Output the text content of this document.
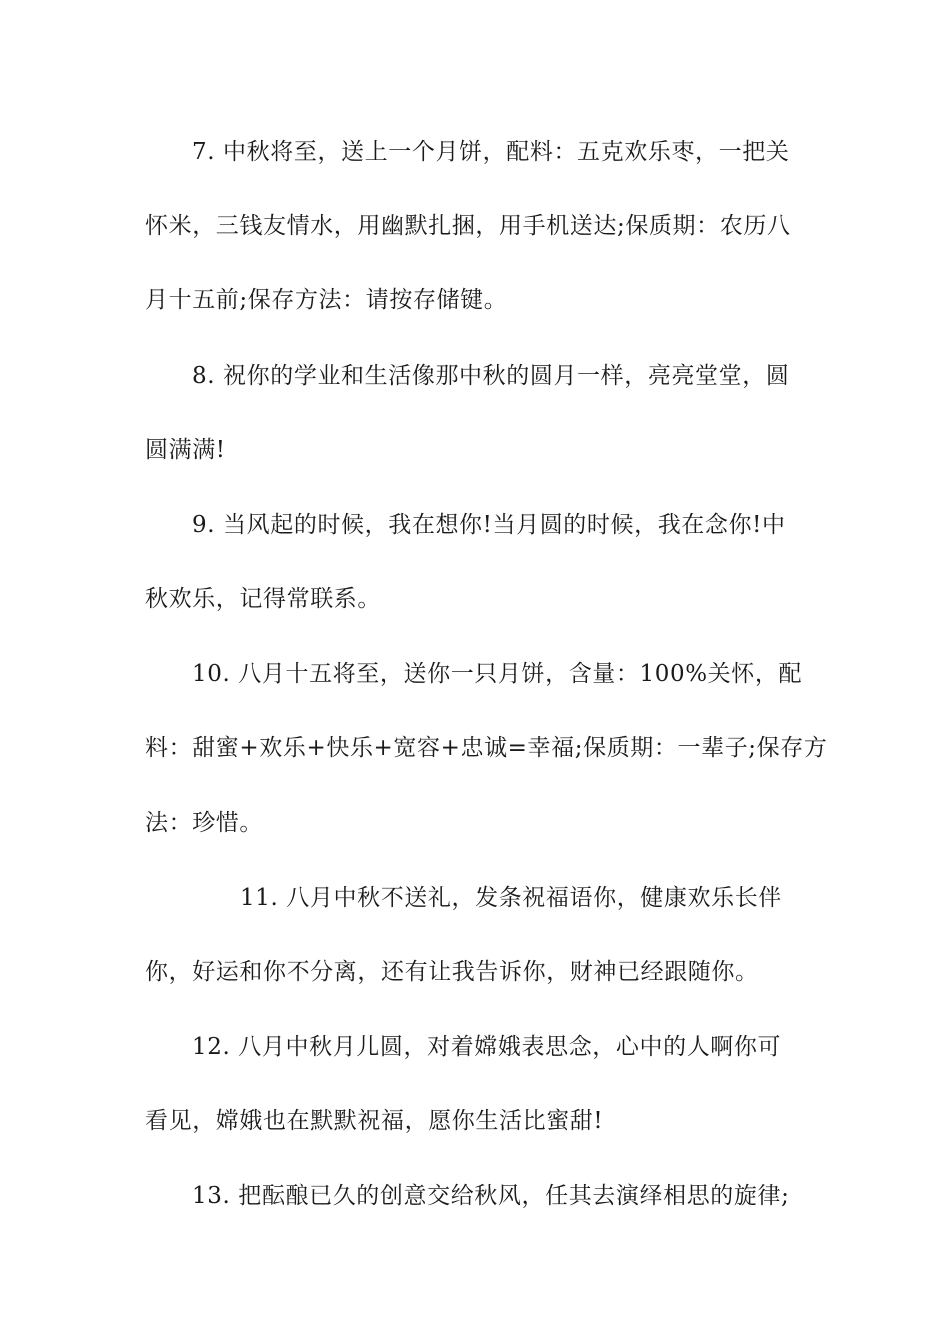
7. 中秋将至，送上一个月饼，配料：五克欢乐枣，一把关
怀米，三钱友情水，用幽默扎捆，用手机送达;保质期：农历八
月十五前;保存方法：请按存储键。
8. 祝你的学业和生活像那中秋的圆月一样，亮亮堂堂，圆
圆满满!
9. 当风起的时候，我在想你!当月圆的时候，我在念你!中
秋欢乐，记得常联系。
10. 八月十五将至，送你一只月饼，含量：100%关怀，配
料：甜蜜+欢乐+快乐+宽容+忠诚=幸福;保质期：一辈子;保存方
法：珍惜。
11. 八月中秋不送礼，发条祝福语你，健康欢乐长伴
你，好运和你不分离，还有让我告诉你，财神已经跟随你。
12. 八月中秋月儿圆，对着嫦娥表思念，心中的人啊你可
看见，嫦娥也在默默祝福，愿你生活比蜜甜!
13. 把酝酿已久的创意交给秋风，任其去演绎相思的旋律;
